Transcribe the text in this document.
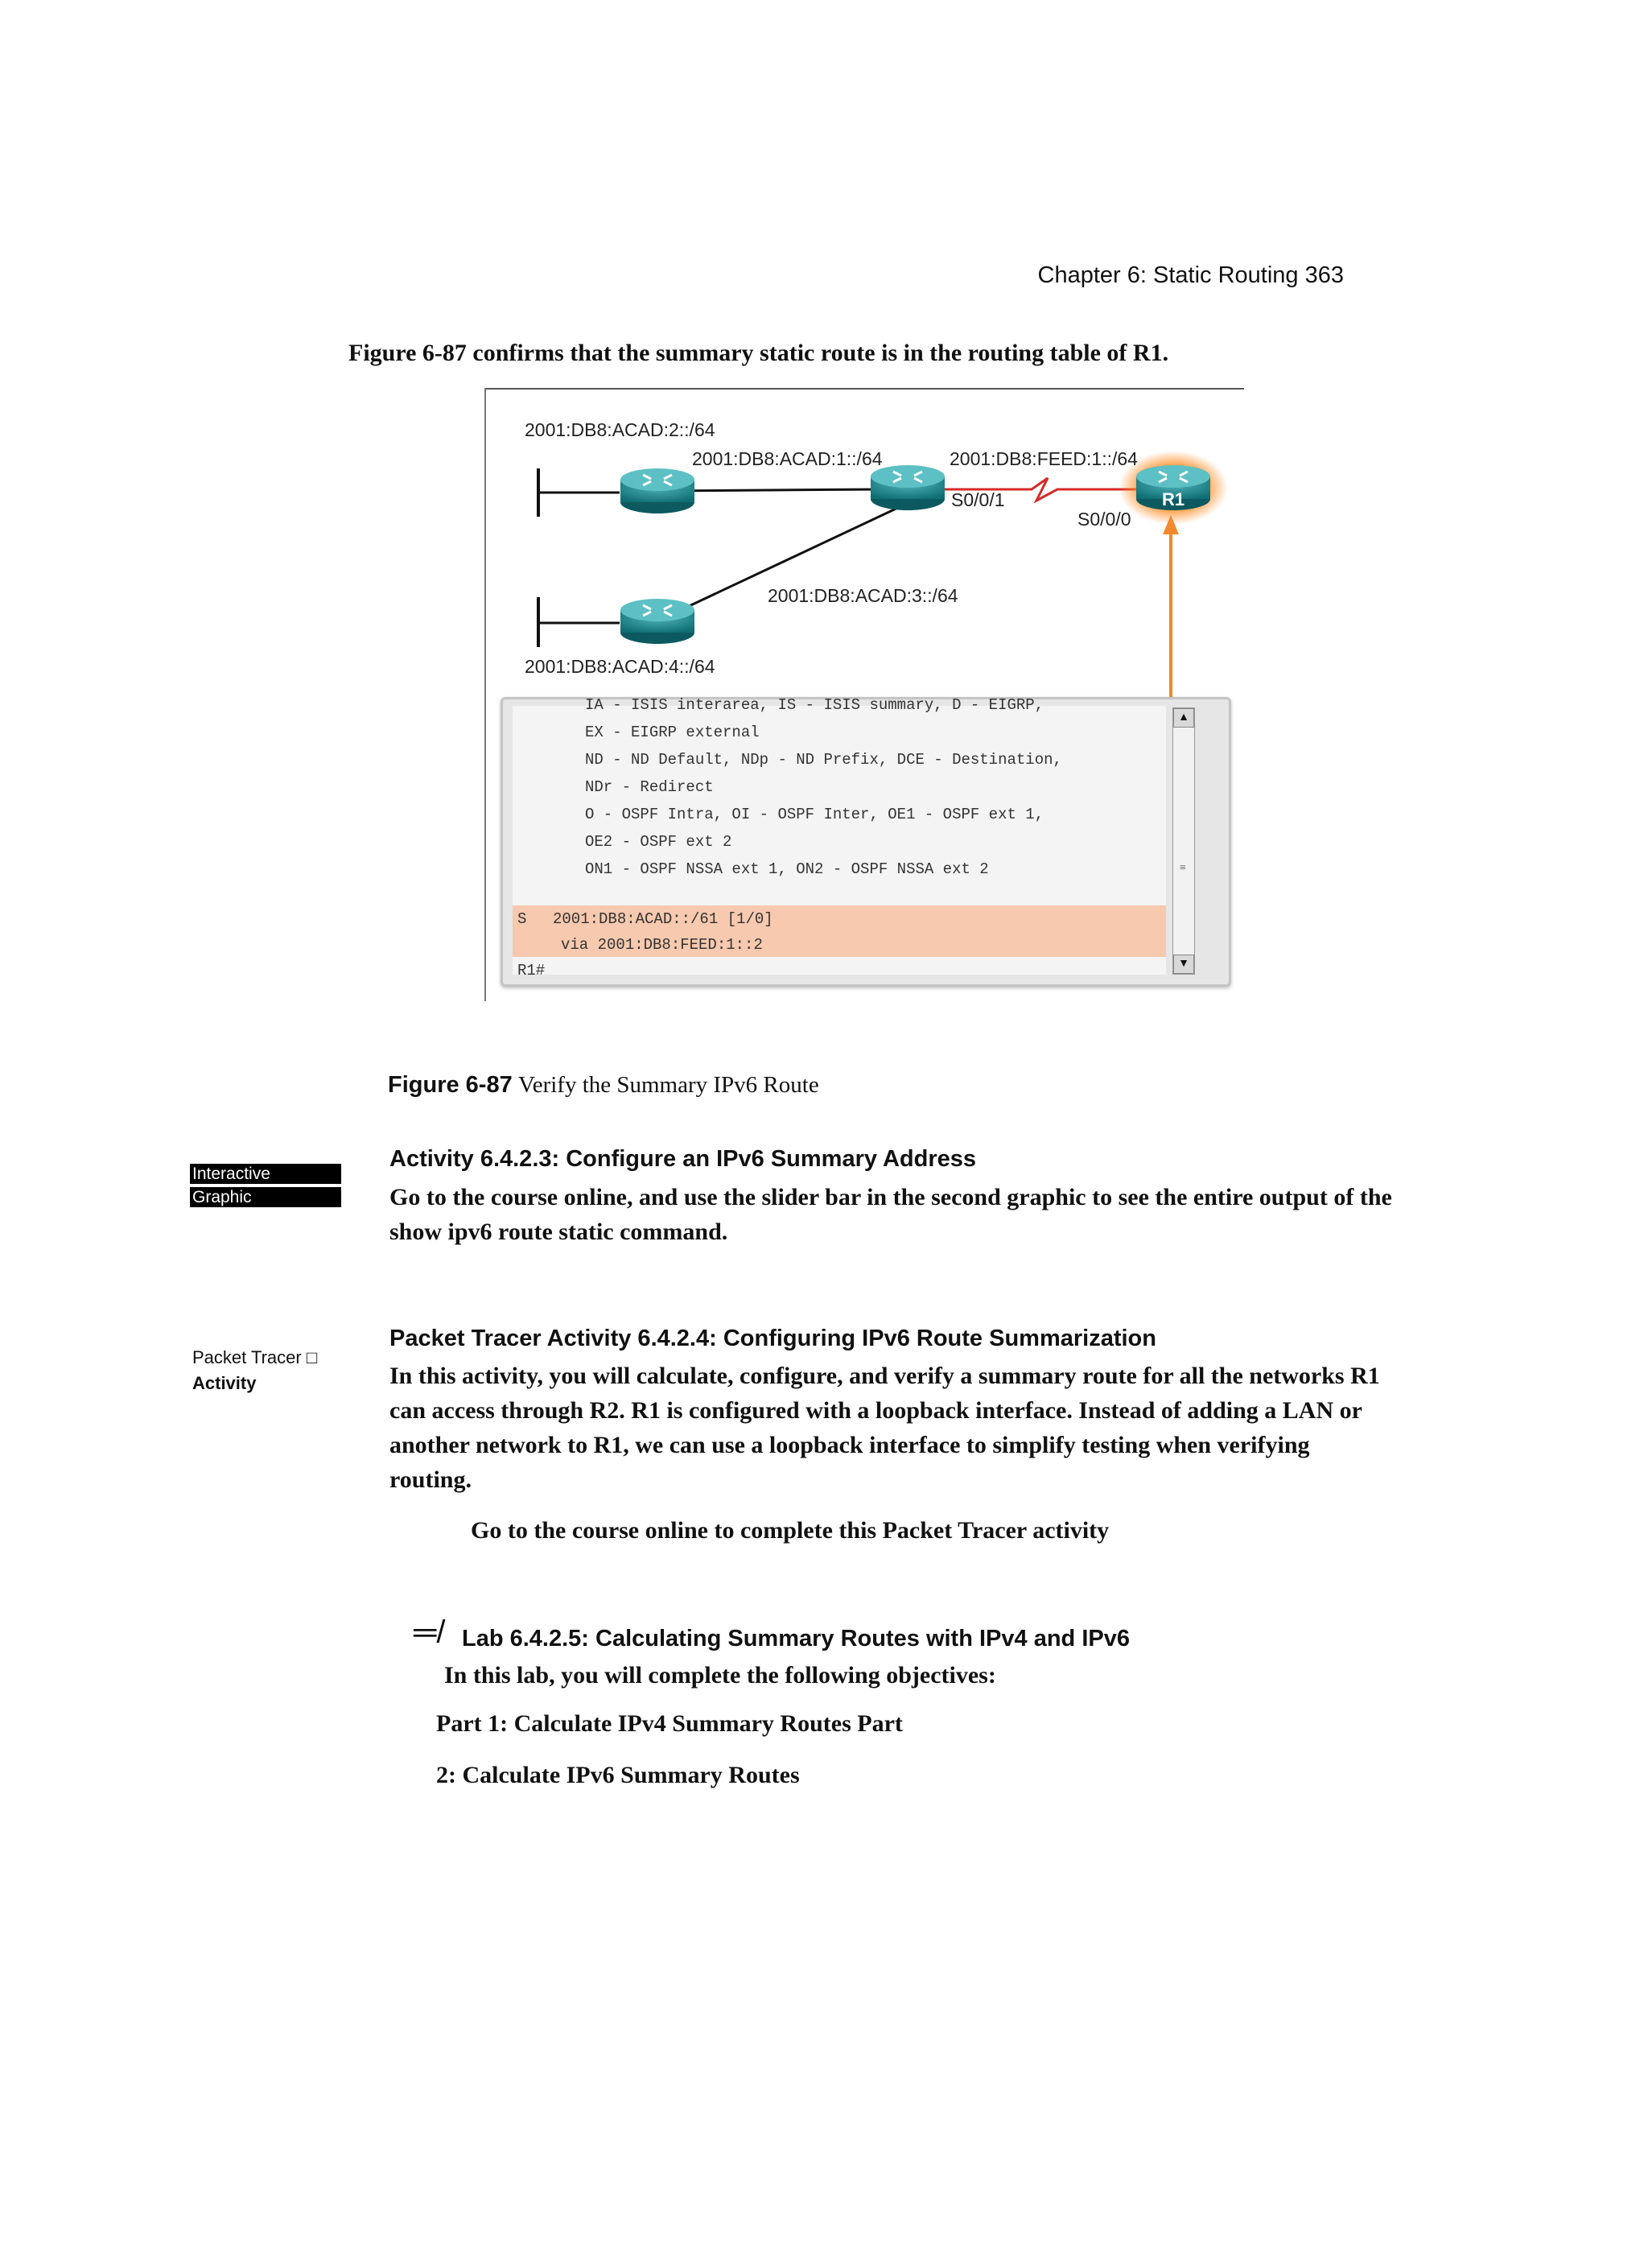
Chapter 6: Static Routing 363
Figure 6-87 confirms that the summary static route is in the routing table of R1.
R1
2001:DB8:ACAD:2::/64
2001:DB8:ACAD:1::/64	2001:DB8:FEED:1::/64
S0/0/1
S0/0/0
2001:DB8:ACAD:3::/64
2001:DB8:ACAD:4::/64
IA - ISIS interarea, IS - ISIS summary, D - EIGRP,
EX - EIGRP external
ND - ND Default, NDp - ND Prefix, DCE - Destination,
NDr - Redirect
O - OSPF Intra, OI - OSPF Inter, OE1 - OSPF ext 1,
OE2 - OSPF ext 2
ON1 - OSPF NSSA ext 1, ON2 - OSPF NSSA ext 2
S 2001:DB8:ACAD::/61 [1/0]
via 2001:DB8:FEED:1::2
R1#
▲
≡
▼
Figure 6-87 Verify the Summary IPv6 Route
Interactive
Graphic
Activity 6.4.2.3: Configure an IPv6 Summary Address
Go to the course online, and use the slider bar in the second graphic to see the entire output of the show ipv6 route static command.
Packet Tracer □
Activity
Packet Tracer Activity 6.4.2.4: Configuring IPv6 Route Summarization
In this activity, you will calculate, configure, and verify a summary route for all the networks R1 can access through R2. R1 is configured with a loopback interface. Instead of adding a LAN or another network to R1, we can use a loopback interface to simplify testing when verifying routing.
Go to the course online to complete this Packet Tracer activity
═/ Lab 6.4.2.5: Calculating Summary Routes with IPv4 and IPv6
In this lab, you will complete the following objectives:
Part 1: Calculate IPv4 Summary Routes Part
2: Calculate IPv6 Summary Routes
